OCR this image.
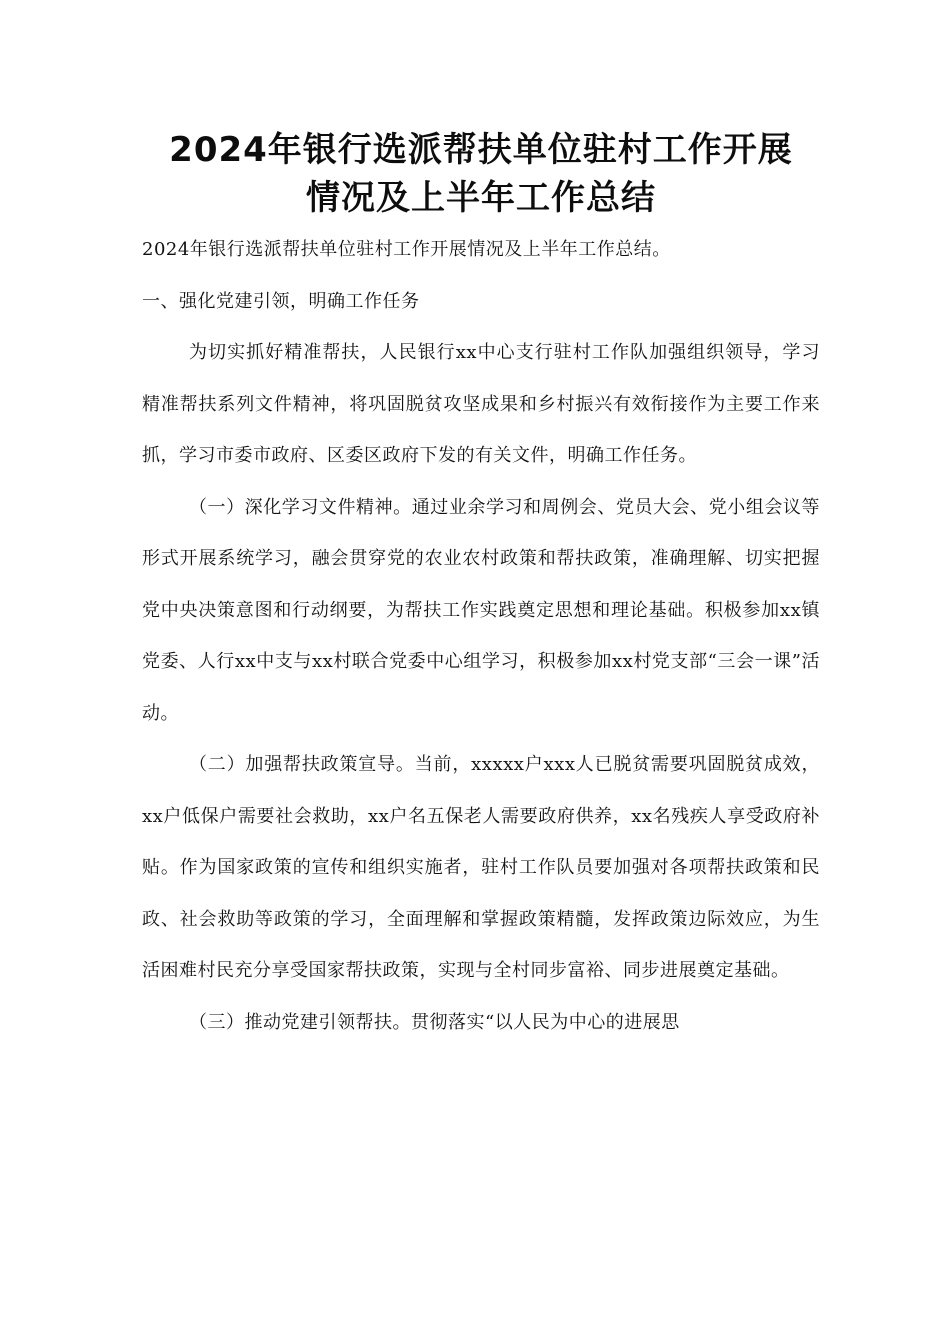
2024年银行选派帮扶单位驻村工作开展
情况及上半年工作总结

2024年银行选派帮扶单位驻村工作开展情况及上半年工作总结。

一、强化党建引领，明确工作任务

为切实抓好精准帮扶，人民银行xx中心支行驻村工作队加强组织领导，学习精准帮扶系列文件精神，将巩固脱贫攻坚成果和乡村振兴有效衔接作为主要工作来抓，学习市委市政府、区委区政府下发的有关文件，明确工作任务。

（一）深化学习文件精神。通过业余学习和周例会、党员大会、党小组会议等形式开展系统学习，融会贯穿党的农业农村政策和帮扶政策，准确理解、切实把握党中央决策意图和行动纲要，为帮扶工作实践奠定思想和理论基础。积极参加xx镇党委、人行xx中支与xx村联合党委中心组学习，积极参加xx村党支部“三会一课”活动。

（二）加强帮扶政策宣导。当前，xxxxx户xxx人已脱贫需要巩固脱贫成效，xx户低保户需要社会救助，xx户名五保老人需要政府供养，xx名残疾人享受政府补贴。作为国家政策的宣传和组织实施者，驻村工作队员要加强对各项帮扶政策和民政、社会救助等政策的学习，全面理解和掌握政策精髓，发挥政策边际效应，为生活困难村民充分享受国家帮扶政策，实现与全村同步富裕、同步进展奠定基础。

（三）推动党建引领帮扶。贯彻落实“以人民为中心的进展思
